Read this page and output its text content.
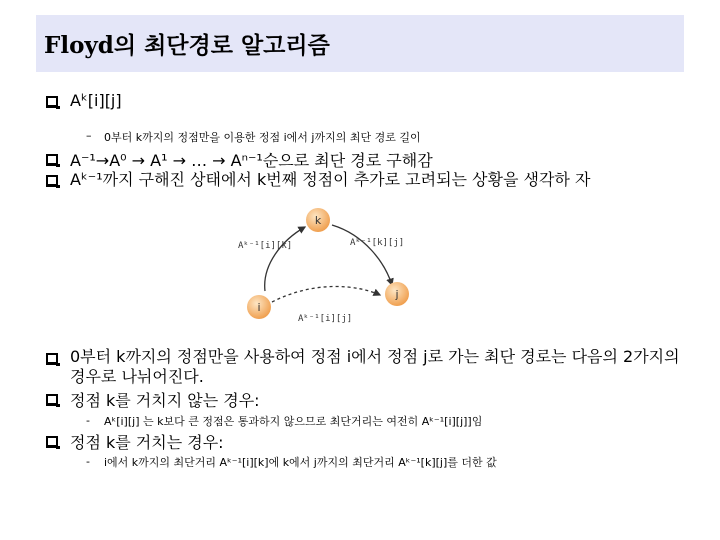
Floyd의 최단경로 알고리즘
Aᵏ[i][j]
– 0부터 k까지의 정점만을 이용한 정점 i에서 j까지의 최단 경로 길이
A⁻¹→A⁰ → A¹ → … → Aⁿ⁻¹순으로 최단 경로 구해감
Aᵏ⁻¹까지 구해진 상태에서 k번째 정점이 추가로 고려되는 상황을 생각하 자
k
i
j
Aᵏ⁻¹[i][k]	Aᵏ⁻¹[k][j]
Aᵏ⁻¹[i][j]
0부터 k까지의 정점만을 사용하여 정점 i에서 정점 j로 가는 최단 경로는 다음의 2가지의 경우로 나뉘어진다.
정점 k를 거치지 않는 경우:
- Aᵏ[i][j] 는 k보다 큰 정점은 통과하지 않으므로 최단거리는 여전히 Aᵏ⁻¹[i][j]]임
정점 k를 거치는 경우:
- i에서 k까지의 최단거리 Aᵏ⁻¹[i][k]에 k에서 j까지의 최단거리 Aᵏ⁻¹[k][j]를 더한 값
